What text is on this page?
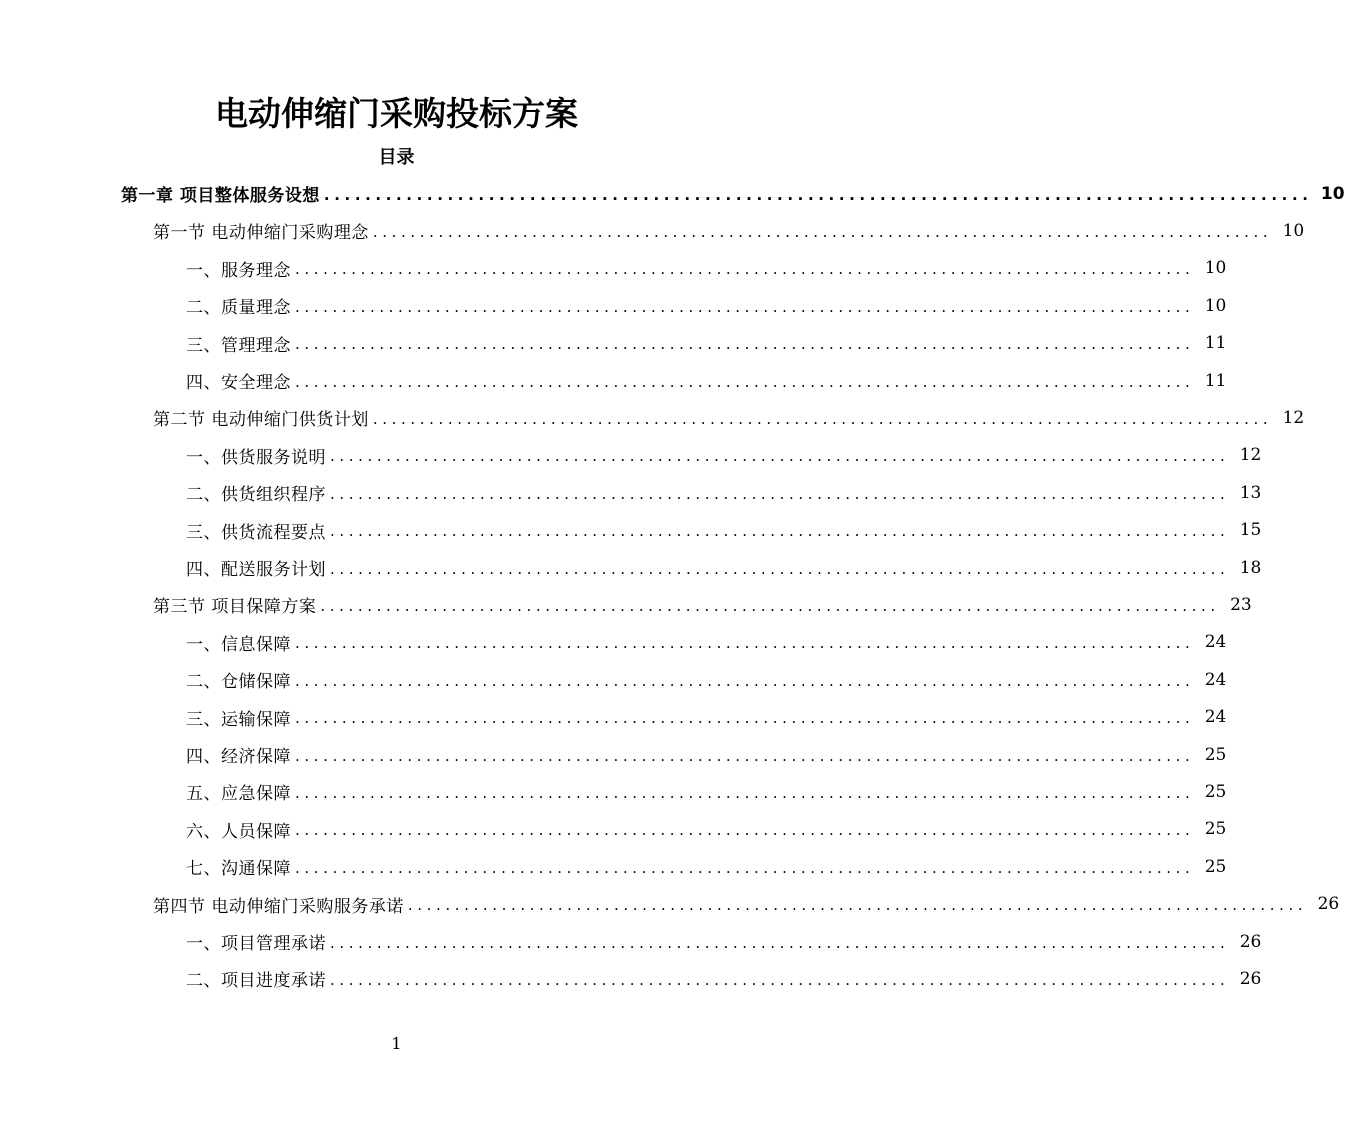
电动伸缩门采购投标方案
目录
第一章 项目整体服务设想 ................................................................................................ 10
第一节 电动伸缩门采购理念 ................................................................................................ 10
一、服务理念 ................................................................................................ 10
二、质量理念 ................................................................................................ 10
三、管理理念 ................................................................................................ 11
四、安全理念 ................................................................................................ 11
第二节 电动伸缩门供货计划 ................................................................................................ 12
一、供货服务说明 ................................................................................................ 12
二、供货组织程序 ................................................................................................ 13
三、供货流程要点 ................................................................................................ 15
四、配送服务计划 ................................................................................................ 18
第三节 项目保障方案 ................................................................................................ 23
一、信息保障 ................................................................................................ 24
二、仓储保障 ................................................................................................ 24
三、运输保障 ................................................................................................ 24
四、经济保障 ................................................................................................ 25
五、应急保障 ................................................................................................ 25
六、人员保障 ................................................................................................ 25
七、沟通保障 ................................................................................................ 25
第四节 电动伸缩门采购服务承诺 ................................................................................................ 26
一、项目管理承诺 ................................................................................................ 26
二、项目进度承诺 ................................................................................................ 26
1
